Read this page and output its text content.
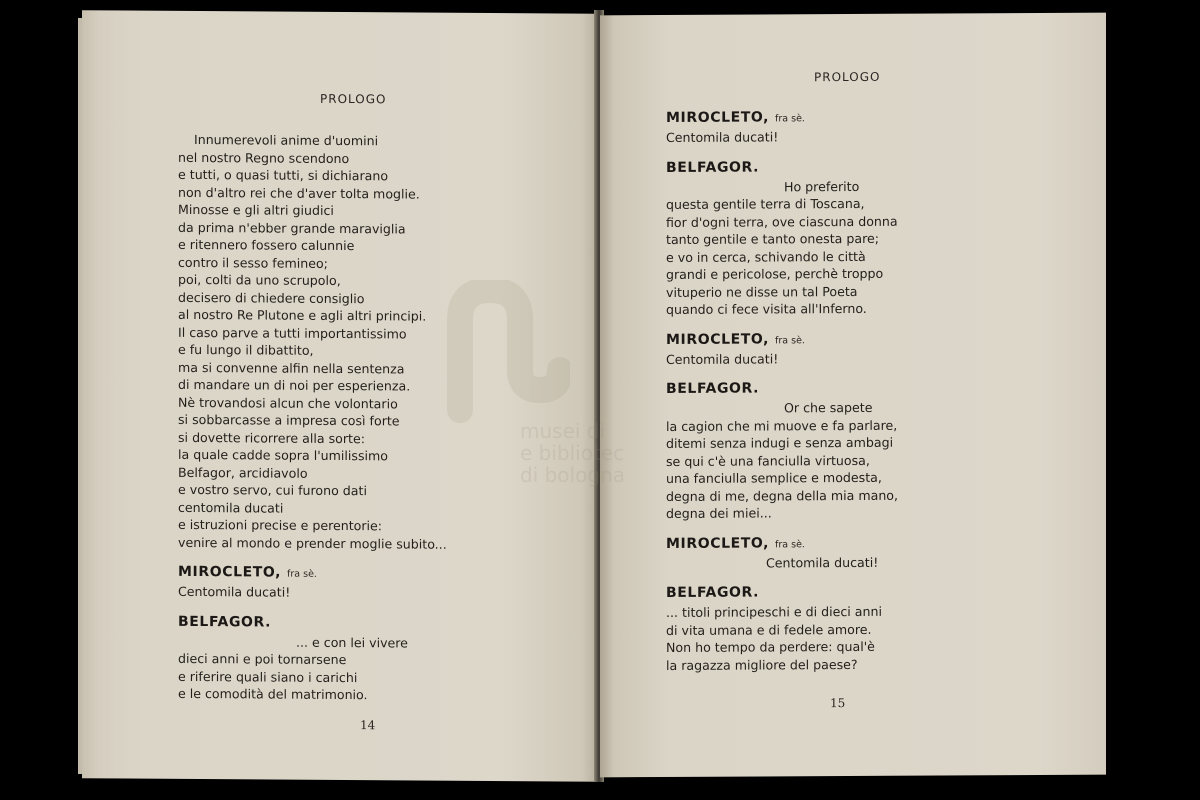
PROLOGO
Innumerevoli anime d'uomini
nel nostro Regno scendono
e tutti, o quasi tutti, si dichiarano
non d'altro rei che d'aver tolta moglie.
Minosse e gli altri giudici
da prima n'ebber grande maraviglia
e ritennero fossero calunnie
contro il sesso femineo;
poi, colti da uno scrupolo,
decisero di chiedere consiglio
al nostro Re Plutone e agli altri principi.
Il caso parve a tutti importantissimo
e fu lungo il dibattito,
ma si convenne alfin nella sentenza
di mandare un di noi per esperienza.
Nè trovandosi alcun che volontario
si sobbarcasse a impresa così forte
si dovette ricorrere alla sorte:
la quale cadde sopra l'umilissimo
Belfagor, arcidiavolo
e vostro servo, cui furono dati
centomila ducati
e istruzioni precise e perentorie:
venire al mondo e prender moglie subito...
MIROCLETO, fra sè.
Centomila ducati!
BELFAGOR.
... e con lei vivere
dieci anni e poi tornarsene
e riferire quali siano i carichi
e le comodità del matrimonio.
14
PROLOGO
MIROCLETO, fra sè.
Centomila ducati!
BELFAGOR.
Ho preferito
questa gentile terra di Toscana,
fior d'ogni terra, ove ciascuna donna
tanto gentile e tanto onesta pare;
e vo in cerca, schivando le città
grandi e pericolose, perchè troppo
vituperio ne disse un tal Poeta
quando ci fece visita all'Inferno.
MIROCLETO, fra sè.
Centomila ducati!
BELFAGOR.
Or che sapete
la cagion che mi muove e fa parlare,
ditemi senza indugi e senza ambagi
se qui c'è una fanciulla virtuosa,
una fanciulla semplice e modesta,
degna di me, degna della mia mano,
degna dei miei...
MIROCLETO, fra sè.
Centomila ducati!
BELFAGOR.
... titoli principeschi e di dieci anni
di vita umana e di fedele amore.
Non ho tempo da perdere: qual'è
la ragazza migliore del paese?
15
